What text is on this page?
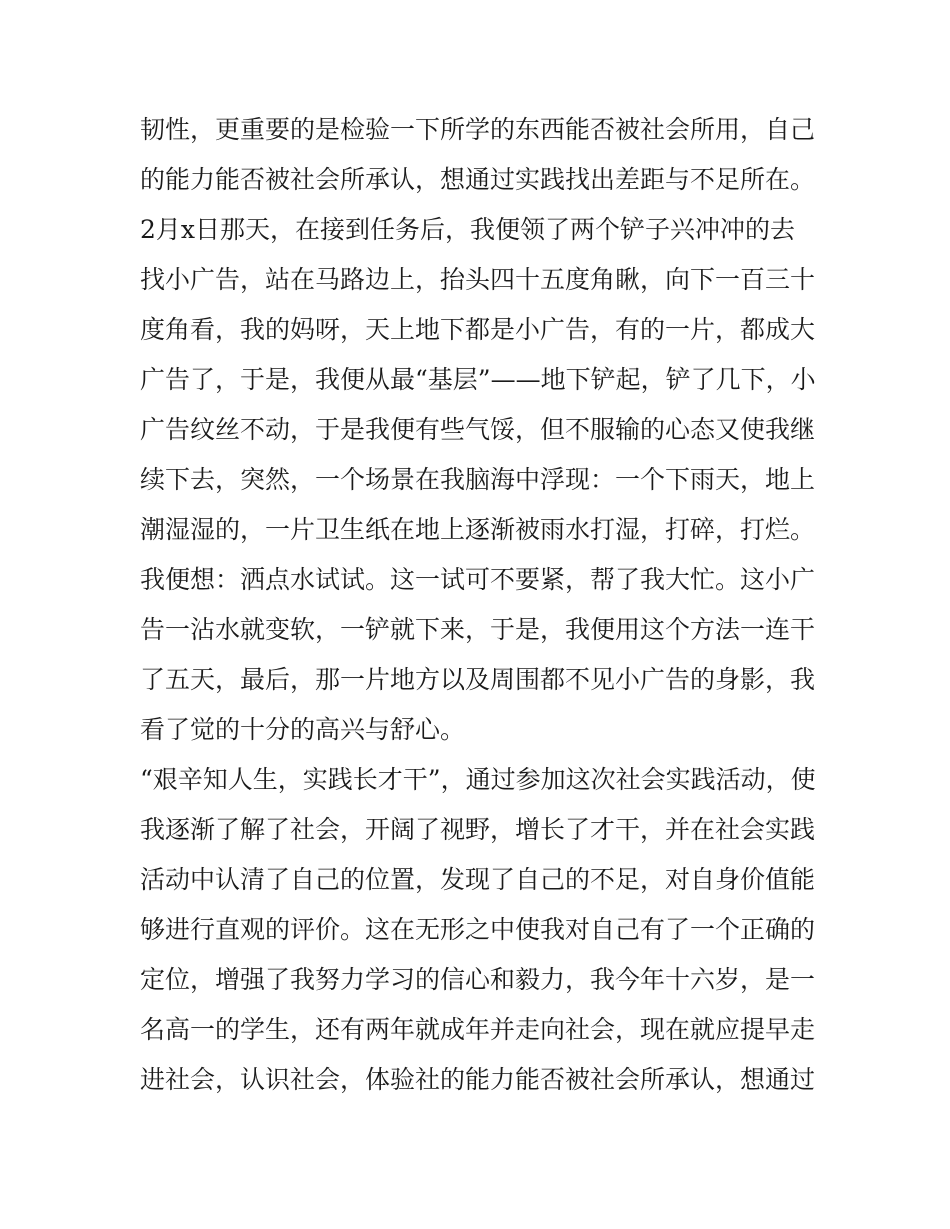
韧性，更重要的是检验一下所学的东西能否被社会所用，自己
的能力能否被社会所承认，想通过实践找出差距与不足所在。
2月x日那天，在接到任务后，我便领了两个铲子兴冲冲的去
找小广告，站在马路边上，抬头四十五度角瞅，向下一百三十
度角看，我的妈呀，天上地下都是小广告，有的一片，都成大
广告了，于是，我便从最“基层”——地下铲起，铲了几下，小
广告纹丝不动，于是我便有些气馁，但不服输的心态又使我继
续下去，突然，一个场景在我脑海中浮现：一个下雨天，地上
潮湿湿的，一片卫生纸在地上逐渐被雨水打湿，打碎，打烂。
我便想：洒点水试试。这一试可不要紧，帮了我大忙。这小广
告一沾水就变软，一铲就下来，于是，我便用这个方法一连干
了五天，最后，那一片地方以及周围都不见小广告的身影，我
看了觉的十分的高兴与舒心。
“艰辛知人生，实践长才干”，通过参加这次社会实践活动，使
我逐渐了解了社会，开阔了视野，增长了才干，并在社会实践
活动中认清了自己的位置，发现了自己的不足，对自身价值能
够进行直观的评价。这在无形之中使我对自己有了一个正确的
定位，增强了我努力学习的信心和毅力，我今年十六岁，是一
名高一的学生，还有两年就成年并走向社会，现在就应提早走
进社会，认识社会，体验社的能力能否被社会所承认，想通过
